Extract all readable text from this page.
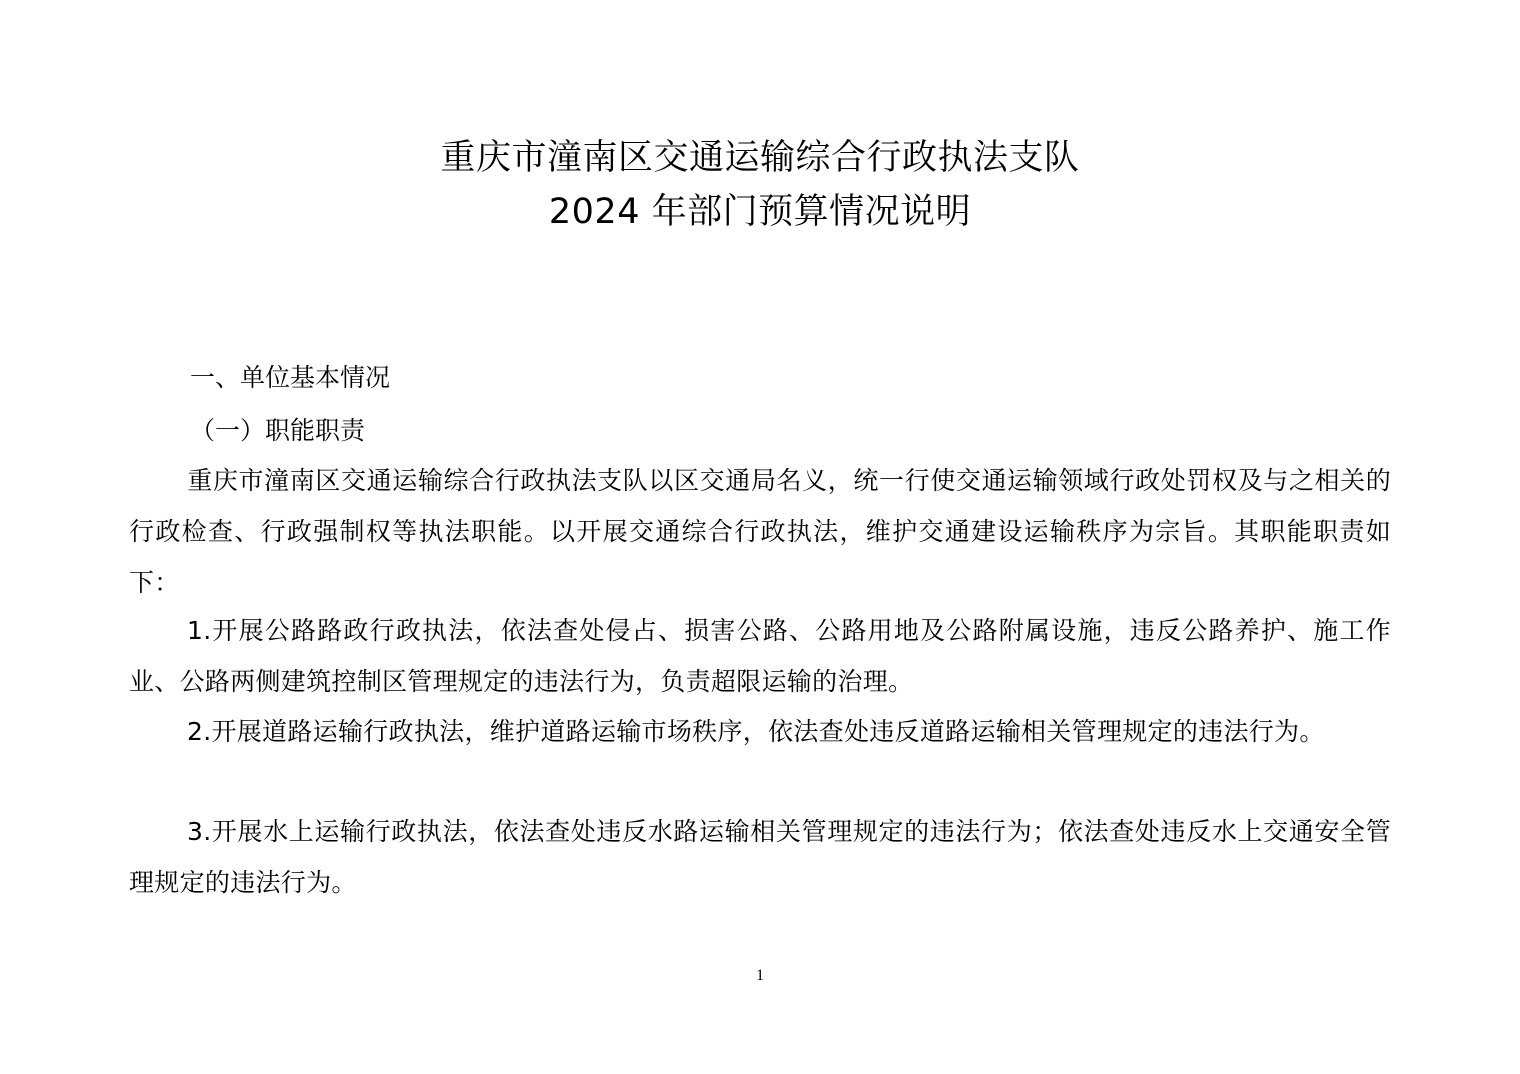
重庆市潼南区交通运输综合行政执法支队
2024 年部门预算情况说明
一、单位基本情况
（一）职能职责
重庆市潼南区交通运输综合行政执法支队以区交通局名义，统一行使交通运输领域行政处罚权及与之相关的行政检查、行政强制权等执法职能。以开展交通综合行政执法，维护交通建设运输秩序为宗旨。其职能职责如下：
1.开展公路路政行政执法，依法查处侵占、损害公路、公路用地及公路附属设施，违反公路养护、施工作业、公路两侧建筑控制区管理规定的违法行为，负责超限运输的治理。
2.开展道路运输行政执法，维护道路运输市场秩序，依法查处违反道路运输相关管理规定的违法行为。
3.开展水上运输行政执法，依法查处违反水路运输相关管理规定的违法行为；依法查处违反水上交通安全管理规定的违法行为。
1
